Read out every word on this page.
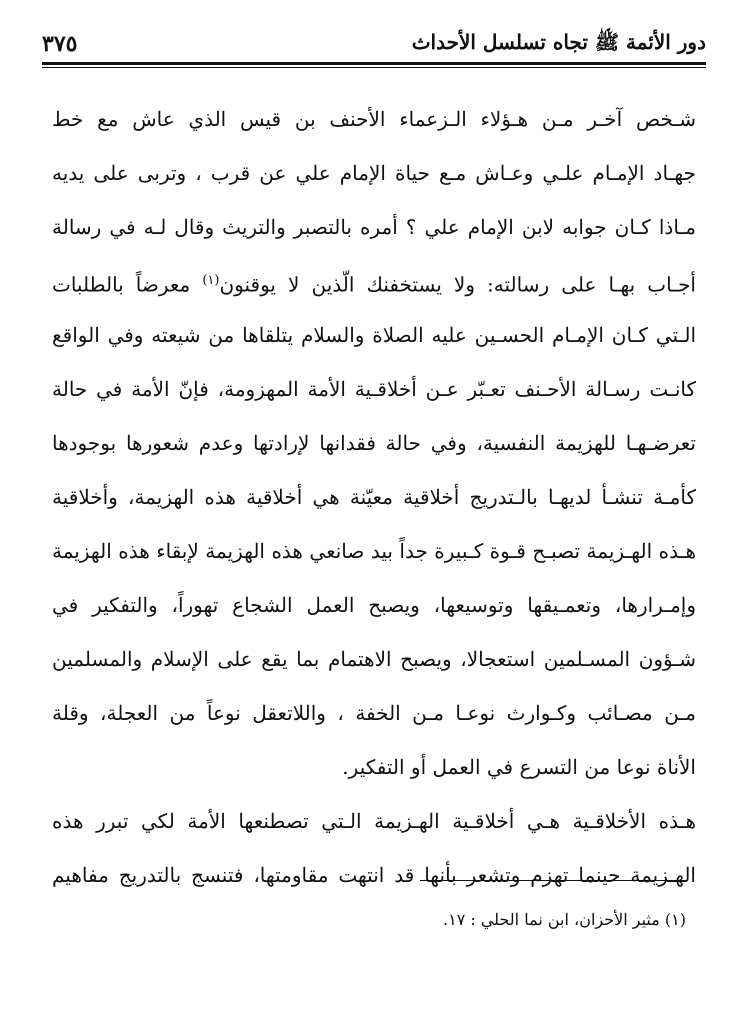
دور الأئمة ﷺ تجاه تسلسل الأحداث
٣٧٥
شـخص آخـر مـن هـؤلاء الـزعماء الأحنف بن قيس الذي عاش مع خط
جهـاد الإمـام علـي وعـاش مـع حياة الإمام علي عن قرب ، وتربى على يديه
مـاذا كـان جوابه لابن الإمام علي ؟ أمره بالتصبر والتريث وقال لـه في رسالة
أجـاب بهـا على رسالته: ولا يستخفنك الّذين لا يوقنون$^{(١)}$ معرضاً بالطلبات
الـتي كـان الإمـام الحسـين عليه الصلاة والسلام يتلقاها من شيعته وفي الواقع
كانـت رسـالة الأحـنف تعـبّر عـن أخلاقـية الأمة المهزومة، فإنّ الأمة في حالة
تعرضـهـا للهزيمة النفسية، وفي حالة فقدانها لإرادتها وعدم شعورها بوجودها
كأمـة تنشـأ لديهـا بالـتدريج أخلاقية معيّنة هي أخلاقية هذه الهزيمة، وأخلاقية
هـذه الهـزيمة تصبـح قـوة كـبيرة جداً بيد صانعي هذه الهزيمة لإبقاء هذه الهزيمة
وإمـرارها، وتعمـيقها وتوسيعها، ويصبح العمل الشجاع تهوراً، والتفكير في
شـؤون المسـلمين استعجالا، ويصبح الاهتمام بما يقع على الإسلام والمسلمين
مـن مصـائب وكـوارث نوعـا مـن الخفة ، واللاتعقل نوعاً من العجلة، وقلة
الأناة نوعا من التسرع في العمل أو التفكير.
هـذه الأخلاقـية هـي أخلاقـية الهـزيمة الـتي تصطنعها الأمة لكي تبرر هذه
الهـزيمة حينما تهزم وتشعر بأنها قد انتهت مقاومتها، فتنسج بالتدريج مفاهيم
(١) مثير الأحزان، ابن نما الحلي : ١٧.
